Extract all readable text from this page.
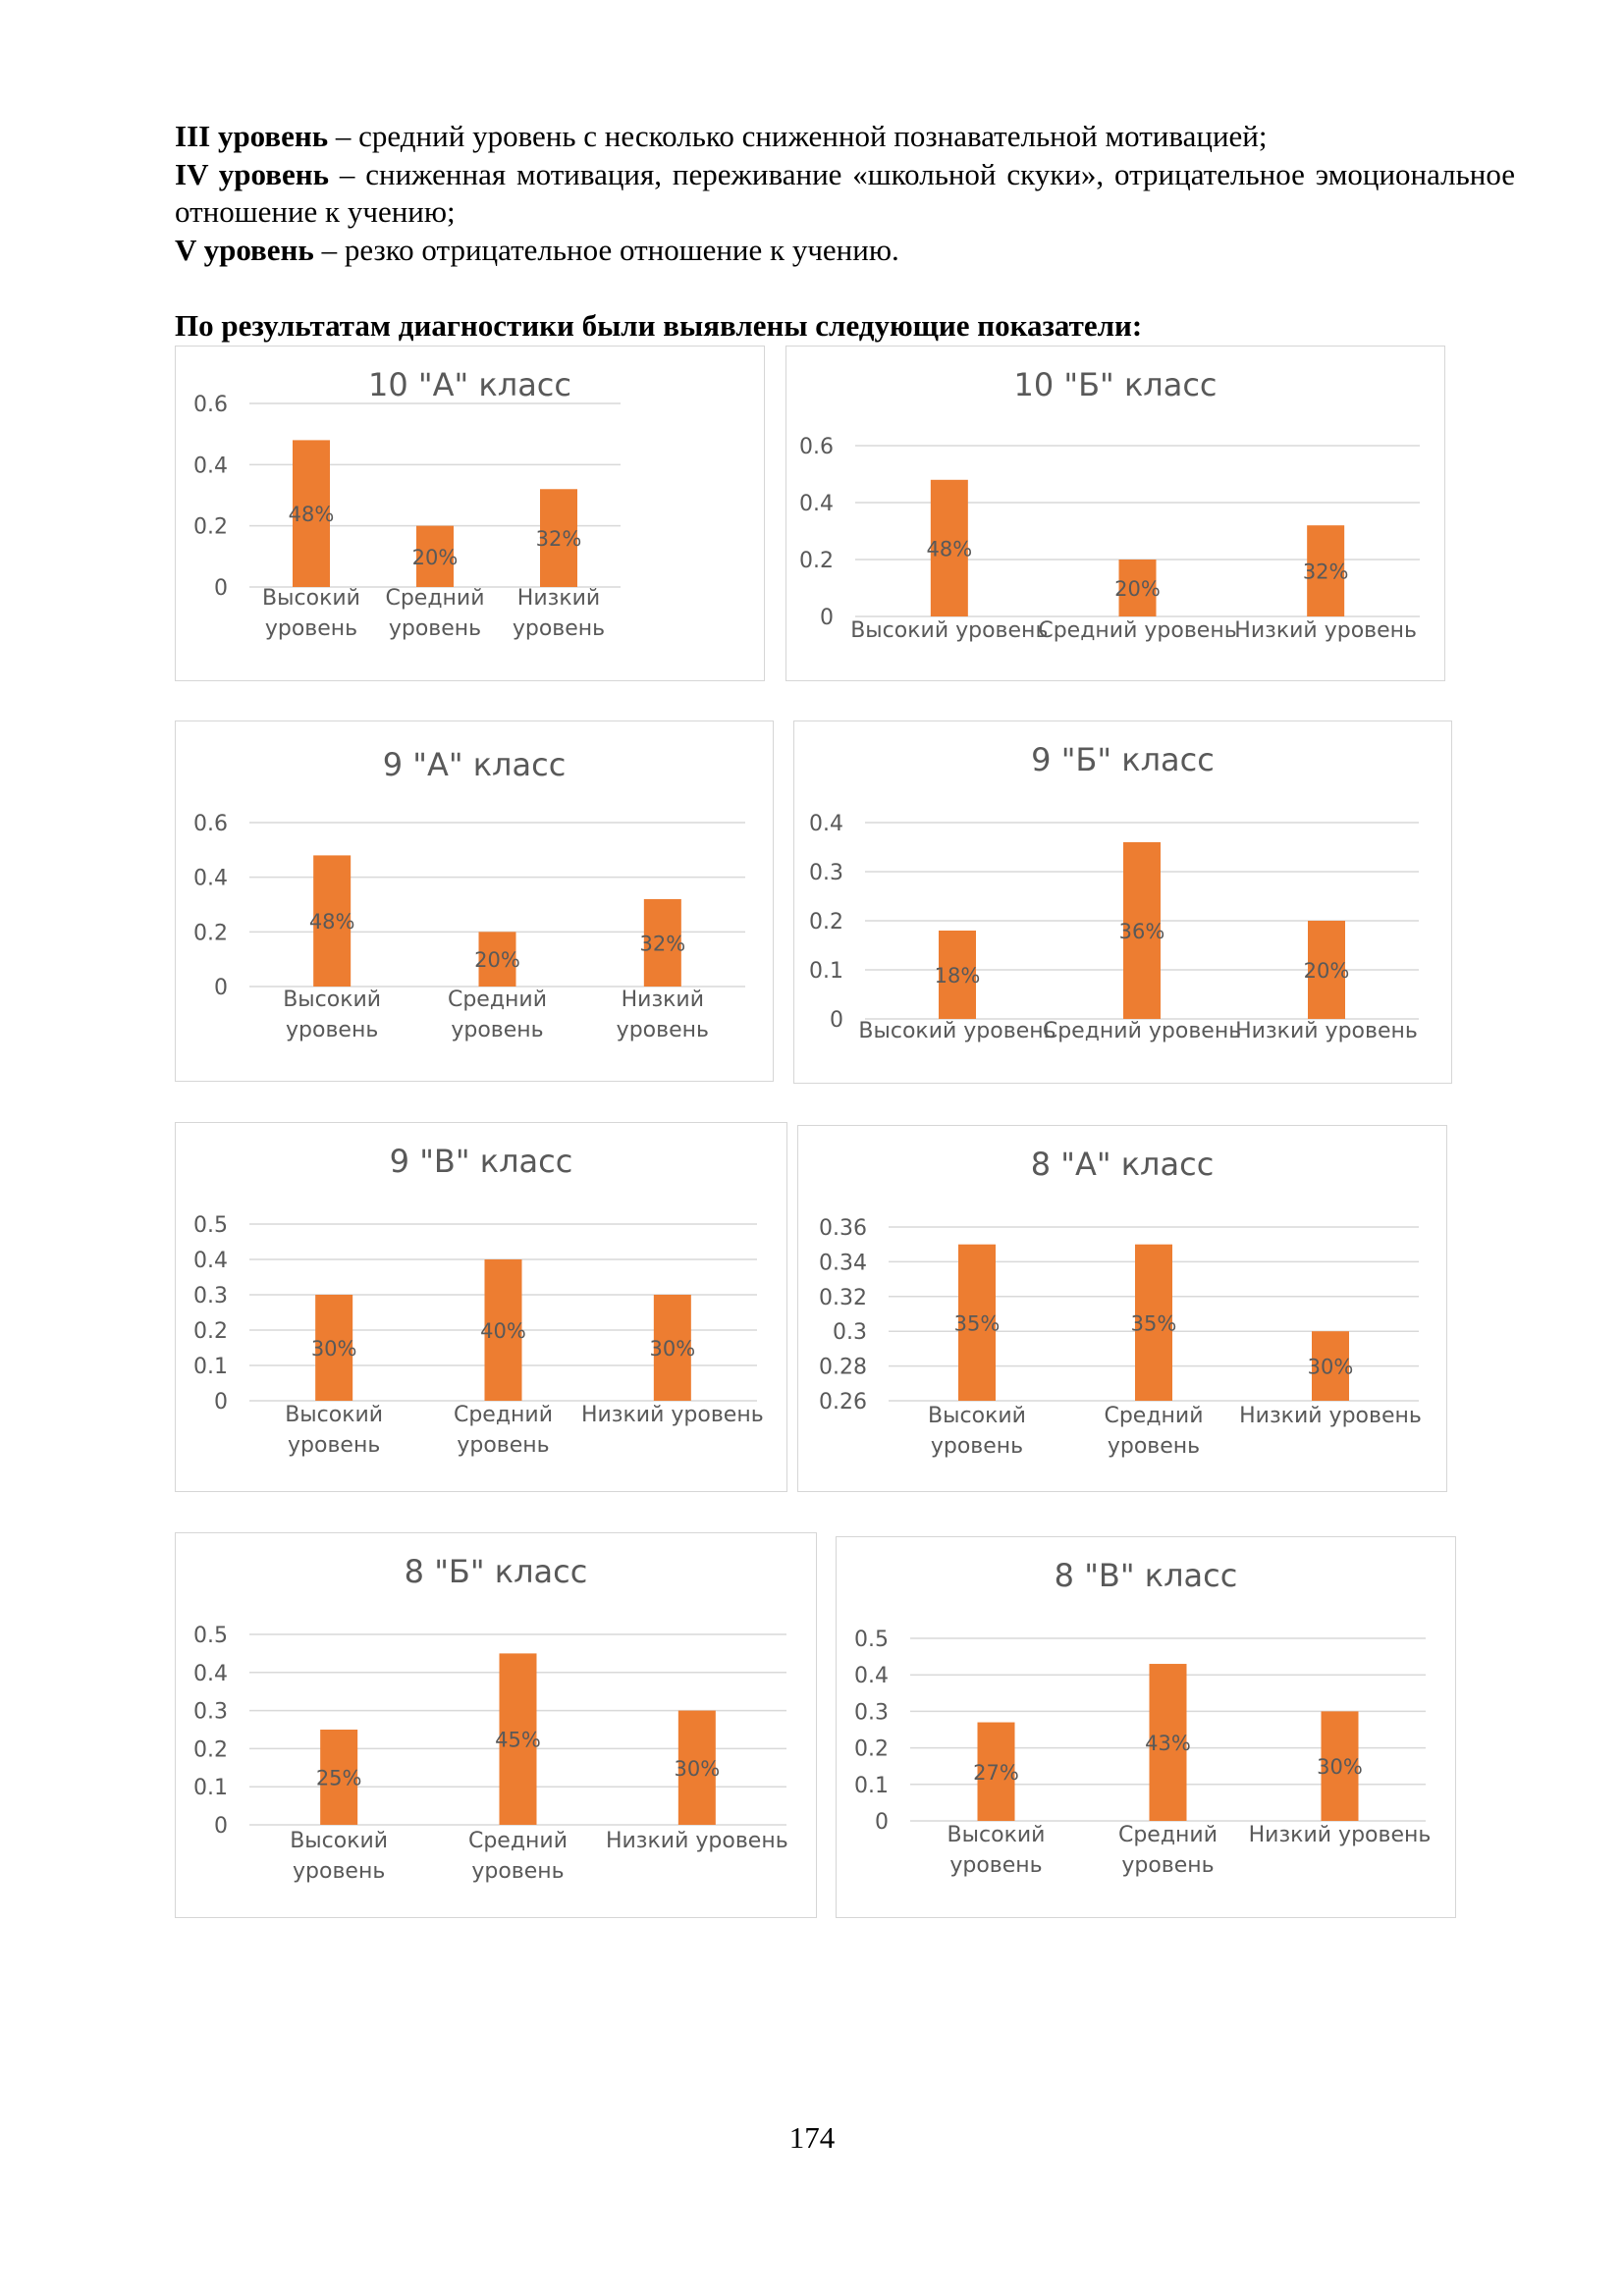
III уровень – средний уровень с несколько сниженной познавательной мотивацией;

IV уровень – сниженная мотивация, переживание «школьной скуки», отрицательное эмоциональное отношение к учению;

V уровень – резко отрицательное отношение к учению.

По результатам диагностики были выявлены следующие показатели:
10 "А" класс
0
0.2
0.4
0.6
48%
Высокий
уровень
20%
Средний
уровень
32%
Низкий
уровень
10 "Б" класс
0
0.2
0.4
0.6
48%
Высокий уровень
20%
Средний уровень
32%
Низкий уровень
9 "А" класс
0
0.2
0.4
0.6
48%
Высокий
уровень
20%
Средний
уровень
32%
Низкий
уровень
9 "Б" класс
0
0.1
0.2
0.3
0.4
18%
Высокий уровень
36%
Средний уровень
20%
Низкий уровень
9 "В" класс
0
0.1
0.2
0.3
0.4
0.5
30%
Высокий
уровень
40%
Средний
уровень
30%
Низкий уровень
8 "А" класс
0.26
0.28
0.3
0.32
0.34
0.36
35%
Высокий
уровень
35%
Средний
уровень
30%
Низкий уровень
8 "Б" класс
0
0.1
0.2
0.3
0.4
0.5
25%
Высокий
уровень
45%
Средний
уровень
30%
Низкий уровень
8 "В" класс
0
0.1
0.2
0.3
0.4
0.5
27%
Высокий
уровень
43%
Средний
уровень
30%
Низкий уровень
174
